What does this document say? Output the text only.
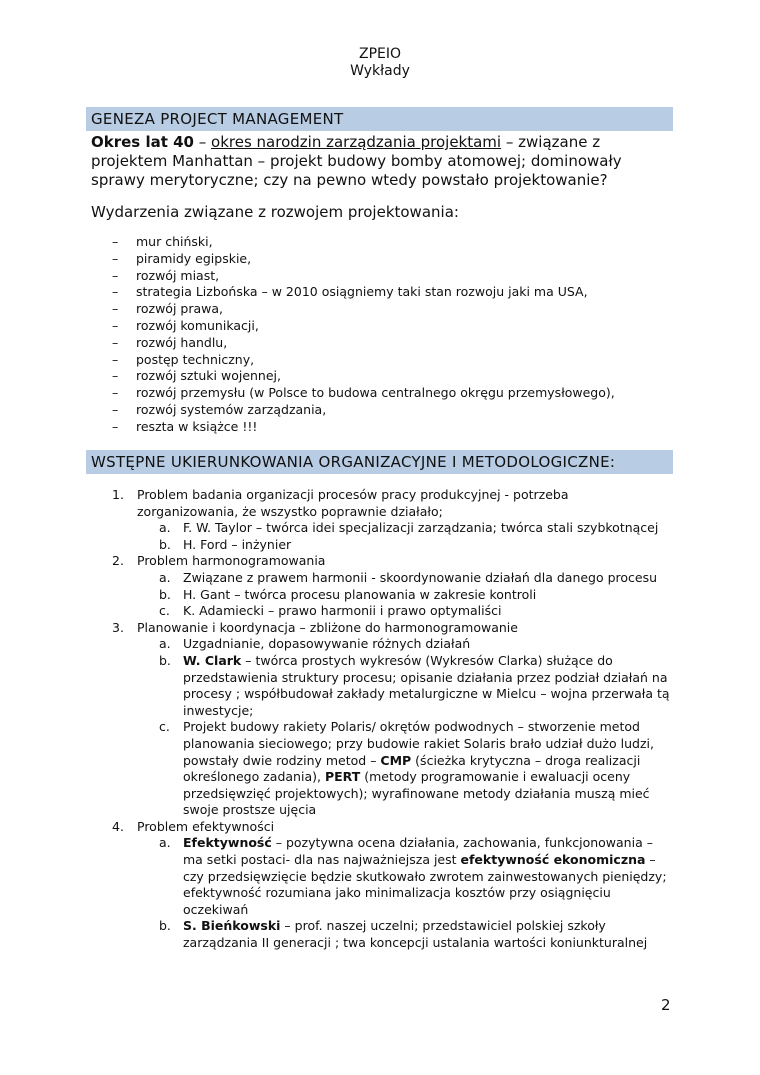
ZPEIO
Wykłady
GENEZA PROJECT MANAGEMENT
Okres lat 40 – okres narodzin zarządzania projektami – związane z projektem Manhattan – projekt budowy bomby atomowej; dominowały sprawy merytoryczne; czy na pewno wtedy powstało projektowanie?
Wydarzenia związane z rozwojem projektowania:
– mur chiński,
– piramidy egipskie,
– rozwój miast,
– strategia Lizbońska – w 2010 osiągniemy taki stan rozwoju jaki ma USA,
– rozwój prawa,
– rozwój komunikacji,
– rozwój handlu,
– postęp techniczny,
– rozwój sztuki wojennej,
– rozwój przemysłu (w Polsce to budowa centralnego okręgu przemysłowego),
– rozwój systemów zarządzania,
– reszta w książce !!!
WSTĘPNE UKIERUNKOWANIA ORGANIZACYJNE I METODOLOGICZNE:
1. Problem badania organizacji procesów pracy produkcyjnej - potrzeba zorganizowania, że wszystko poprawnie działało;
a. F. W. Taylor – twórca idei specjalizacji zarządzania; twórca stali szybkotnącej
b. H. Ford – inżynier
2. Problem harmonogramowania
a. Związane z prawem harmonii - skoordynowanie działań dla danego procesu
b. H. Gant – twórca procesu planowania w zakresie kontroli
c. K. Adamiecki – prawo harmonii i prawo optymaliści
3. Planowanie i koordynacja – zbliżone do harmonogramowanie
a. Uzgadnianie, dopasowywanie różnych działań
b. W. Clark – twórca prostych wykresów (Wykresów Clarka) służące do przedstawienia struktury procesu; opisanie działania przez podział działań na procesy ; współbudował zakłady metalurgiczne w Mielcu – wojna przerwała tą inwestycje;
c. Projekt budowy rakiety Polaris/ okrętów podwodnych – stworzenie metod planowania sieciowego; przy budowie rakiet Solaris brało udział dużo ludzi, powstały dwie rodziny metod – CMP (ścieżka krytyczna – droga realizacji określonego zadania), PERT (metody programowanie i ewaluacji oceny przedsięwzięć projektowych); wyrafinowane metody działania muszą mieć swoje prostsze ujęcia
4. Problem efektywności
a. Efektywność – pozytywna ocena działania, zachowania, funkcjonowania – ma setki postaci- dla nas najważniejsza jest efektywność ekonomiczna – czy przedsięwzięcie będzie skutkowało zwrotem zainwestowanych pieniędzy; efektywność rozumiana jako minimalizacja kosztów przy osiągnięciu oczekiwań
b. S. Bieńkowski – prof. naszej uczelni; przedstawiciel polskiej szkoły zarządzania II generacji ; twa koncepcji ustalania wartości koniunkturalnej
2
